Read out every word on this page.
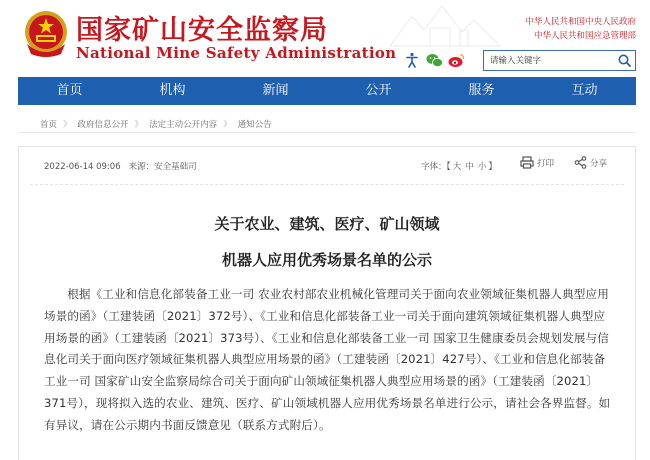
国家矿山安全监察局
National Mine Safety Administration
中华人民共和国中央人民政府
中华人民共和国应急管理部
请输入关键字
首页	机构	新闻	公开	服务	互动
首页 》 政府信息公开 》 法定主动公开内容 》 通知公告
2022-06-14 09:06 来源：安全基础司	字体：【 大 中 小 】	打印	分享
关于农业、建筑、医疗、矿山领域
机器人应用优秀场景名单的公示
根据《工业和信息化部装备工业一司 农业农村部农业机械化管理司关于面向农业领域征集机器人典型应用场景的函》（工建装函〔2021〕372号）、《工业和信息化部装备工业一司关于面向建筑领域征集机器人典型应用场景的函》（工建装函〔2021〕373号）、《工业和信息化部装备工业一司 国家卫生健康委员会规划发展与信息化司关于面向医疗领域征集机器人典型应用场景的函》（工建装函〔2021〕427号）、《工业和信息化部装备工业一司 国家矿山安全监察局综合司关于面向矿山领域征集机器人典型应用场景的函》（工建装函〔2021〕371号），现将拟入选的农业、建筑、医疗、矿山领域机器人应用优秀场景名单进行公示，请社会各界监督。如有异议，请在公示期内书面反馈意见（联系方式附后）。
